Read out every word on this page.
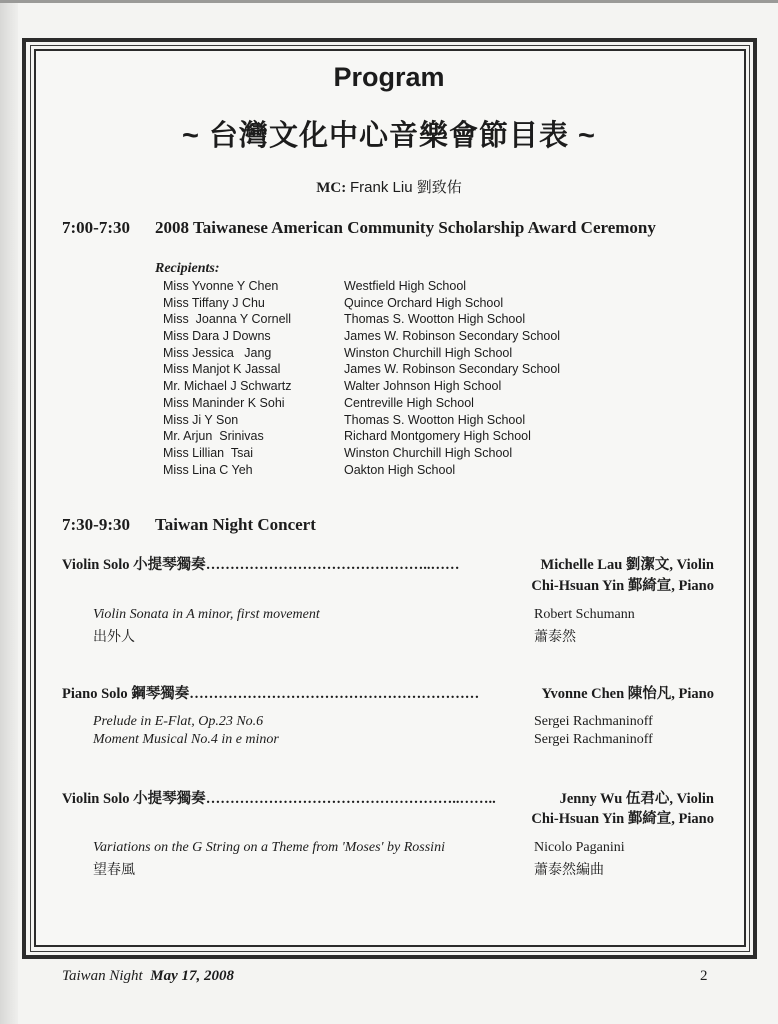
Program
~ 台灣文化中心音樂會節目表 ~
MC: Frank Liu 劉致佑
7:00-7:30 2008 Taiwanese American Community Scholarship Award Ceremony
Recipients:
Miss Yvonne Y Chen	Westfield High School
Miss Tiffany J Chu	Quince Orchard High School
Miss  Joanna Y Cornell	Thomas S. Wootton High School
Miss Dara J Downs	James W. Robinson Secondary School
Miss Jessica   Jang	Winston Churchill High School
Miss Manjot K Jassal	James W. Robinson Secondary School
Mr. Michael J Schwartz	Walter Johnson High School
Miss Maninder K Sohi	Centreville High School
Miss Ji Y Son	Thomas S. Wootton High School
Mr. Arjun  Srinivas	Richard Montgomery High School
Miss Lillian  Tsai	Winston Churchill High School
Miss Lina C Yeh	Oakton High School
7:30-9:30 Taiwan Night Concert
Violin Solo 小提琴獨奏………………………………………..……	Michelle Lau 劉潔文, Violin
Chi-Hsuan Yin 鄞綺宣, Piano
Violin Sonata in A minor, first movement	Robert Schumann
出外人	蕭泰然
Piano Solo 鋼琴獨奏……………………………………………………	Yvonne Chen 陳怡凡, Piano
Prelude in E-Flat, Op.23 No.6	Sergei Rachmaninoff
Moment Musical No.4 in e minor	Sergei Rachmaninoff
Violin Solo 小提琴獨奏……………………………………………..……..	Jenny Wu 伍君心, Violin
Chi-Hsuan Yin 鄞綺宣, Piano
Variations on the G String on a Theme from 'Moses' by Rossini	Nicolo Paganini
望春風	蕭泰然編曲
Taiwan Night May 17, 2008	2
